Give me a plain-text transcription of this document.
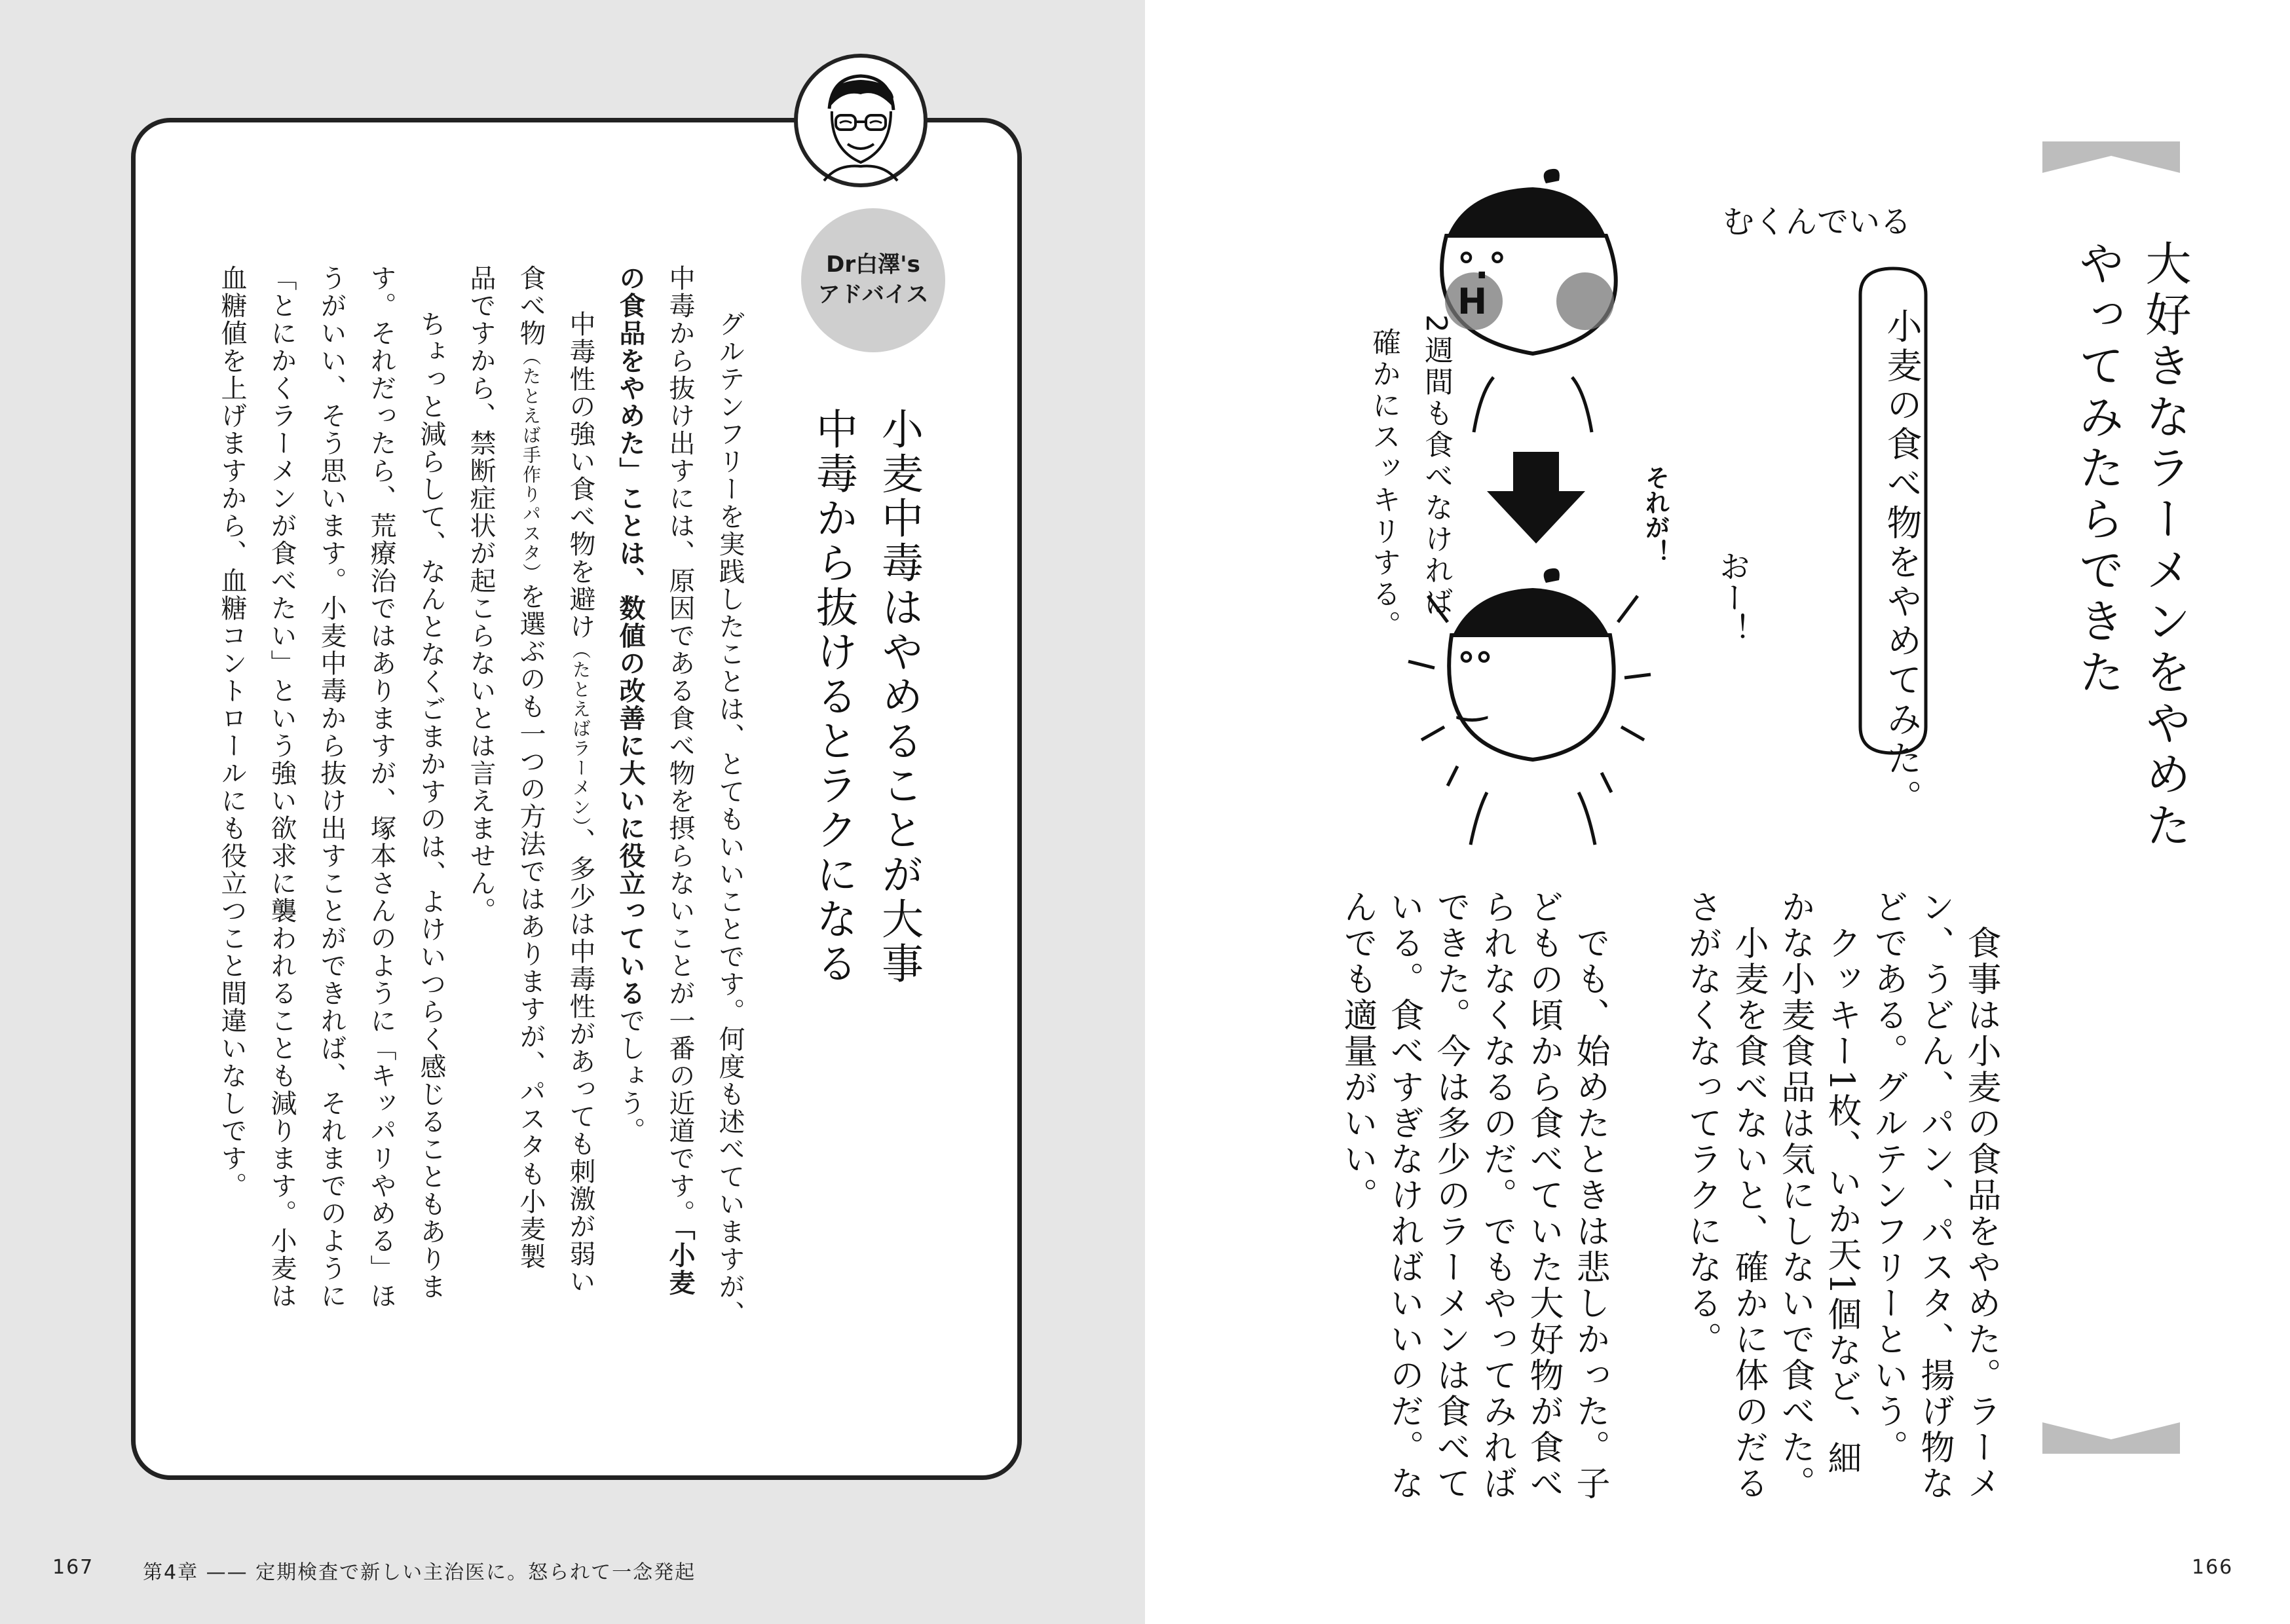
Dr白澤's
アドバイス
小麦中毒はやめることが大事
中毒から抜けるとラクになる
　グルテンフリーを実践したことは、とてもいいことです。何度も述べていますが、
中毒から抜け出すには、原因である食べ物を摂らないことが一番の近道です。「小麦
の食品をやめた」ことは、数値の改善に大いに役立っているでしょう。
　中毒性の強い食べ物を避け（たとえばラーメン）、多少は中毒性があっても刺激が弱い
食べ物（たとえば手作りパスタ）を選ぶのも一つの方法ではありますが、パスタも小麦製
品ですから、禁断症状が起こらないとは言えません。
　ちょっと減らして、なんとなくごまかすのは、よけいつらく感じることもありま
す。それだったら、荒療治ではありますが、塚本さんのように「キッパリやめる」ほ
うがいい、そう思います。小麦中毒から抜け出すことができれば、それまでのように
「とにかくラーメンが食べたい」という強い欲求に襲われることも減ります。小麦は
血糖値を上げますから、血糖コントロールにも役立つこと間違いなしです。
167 第4章 —— 定期検査で新しい主治医に。怒られて一念発起
大好きなラーメンをやめた
やってみたらできた
°.°
H
°°
‿	小麦の食べ物をやめてみた。
むくんでいる
それが！
おー！
2週間も食べなければ
確かにスッキリする。
　食事は小麦の食品をやめた。ラーメ
ン、うどん、パン、パスタ、揚げ物な
どである。グルテンフリーという。
　クッキー1枚、いか天1個など、細
かな小麦食品は気にしないで食べた。
　小麦を食べないと、確かに体のだる
さがなくなってラクになる。
　でも、始めたときは悲しかった。子
どもの頃から食べていた大好物が食べ
られなくなるのだ。でもやってみれば
できた。今は多少のラーメンは食べて
いる。食べすぎなければいいのだ。な
んでも適量がいい。
166
